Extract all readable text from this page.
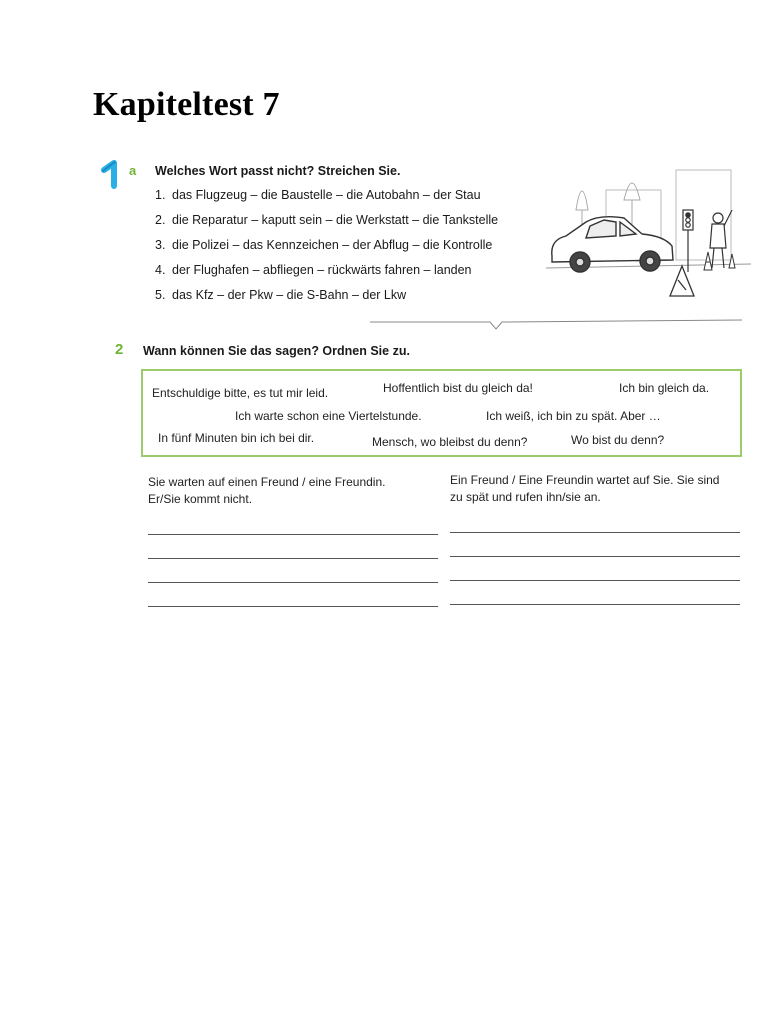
Kapiteltest 7
a Welches Wort passt nicht? Streichen Sie.
1. das Flugzeug – die Baustelle – die Autobahn – der Stau
2. die Reparatur – kaputt sein – die Werkstatt – die Tankstelle
3. die Polizei – das Kennzeichen – der Abflug – die Kontrolle
4. der Flughafen – abfliegen – rückwärts fahren – landen
5. das Kfz – der Pkw – die S-Bahn – der Lkw
2 Wann können Sie das sagen? Ordnen Sie zu.
Entschuldige bitte, es tut mir leid.	Hoffentlich bist du gleich da!	Ich bin gleich da.
Ich warte schon eine Viertelstunde.	Ich weiß, ich bin zu spät. Aber …
In fünf Minuten bin ich bei dir.	Mensch, wo bleibst du denn?	Wo bist du denn?
Sie warten auf einen Freund / eine Freundin.
Er/Sie kommt nicht.
Ein Freund / Eine Freundin wartet auf Sie. Sie sind
zu spät und rufen ihn/sie an.
